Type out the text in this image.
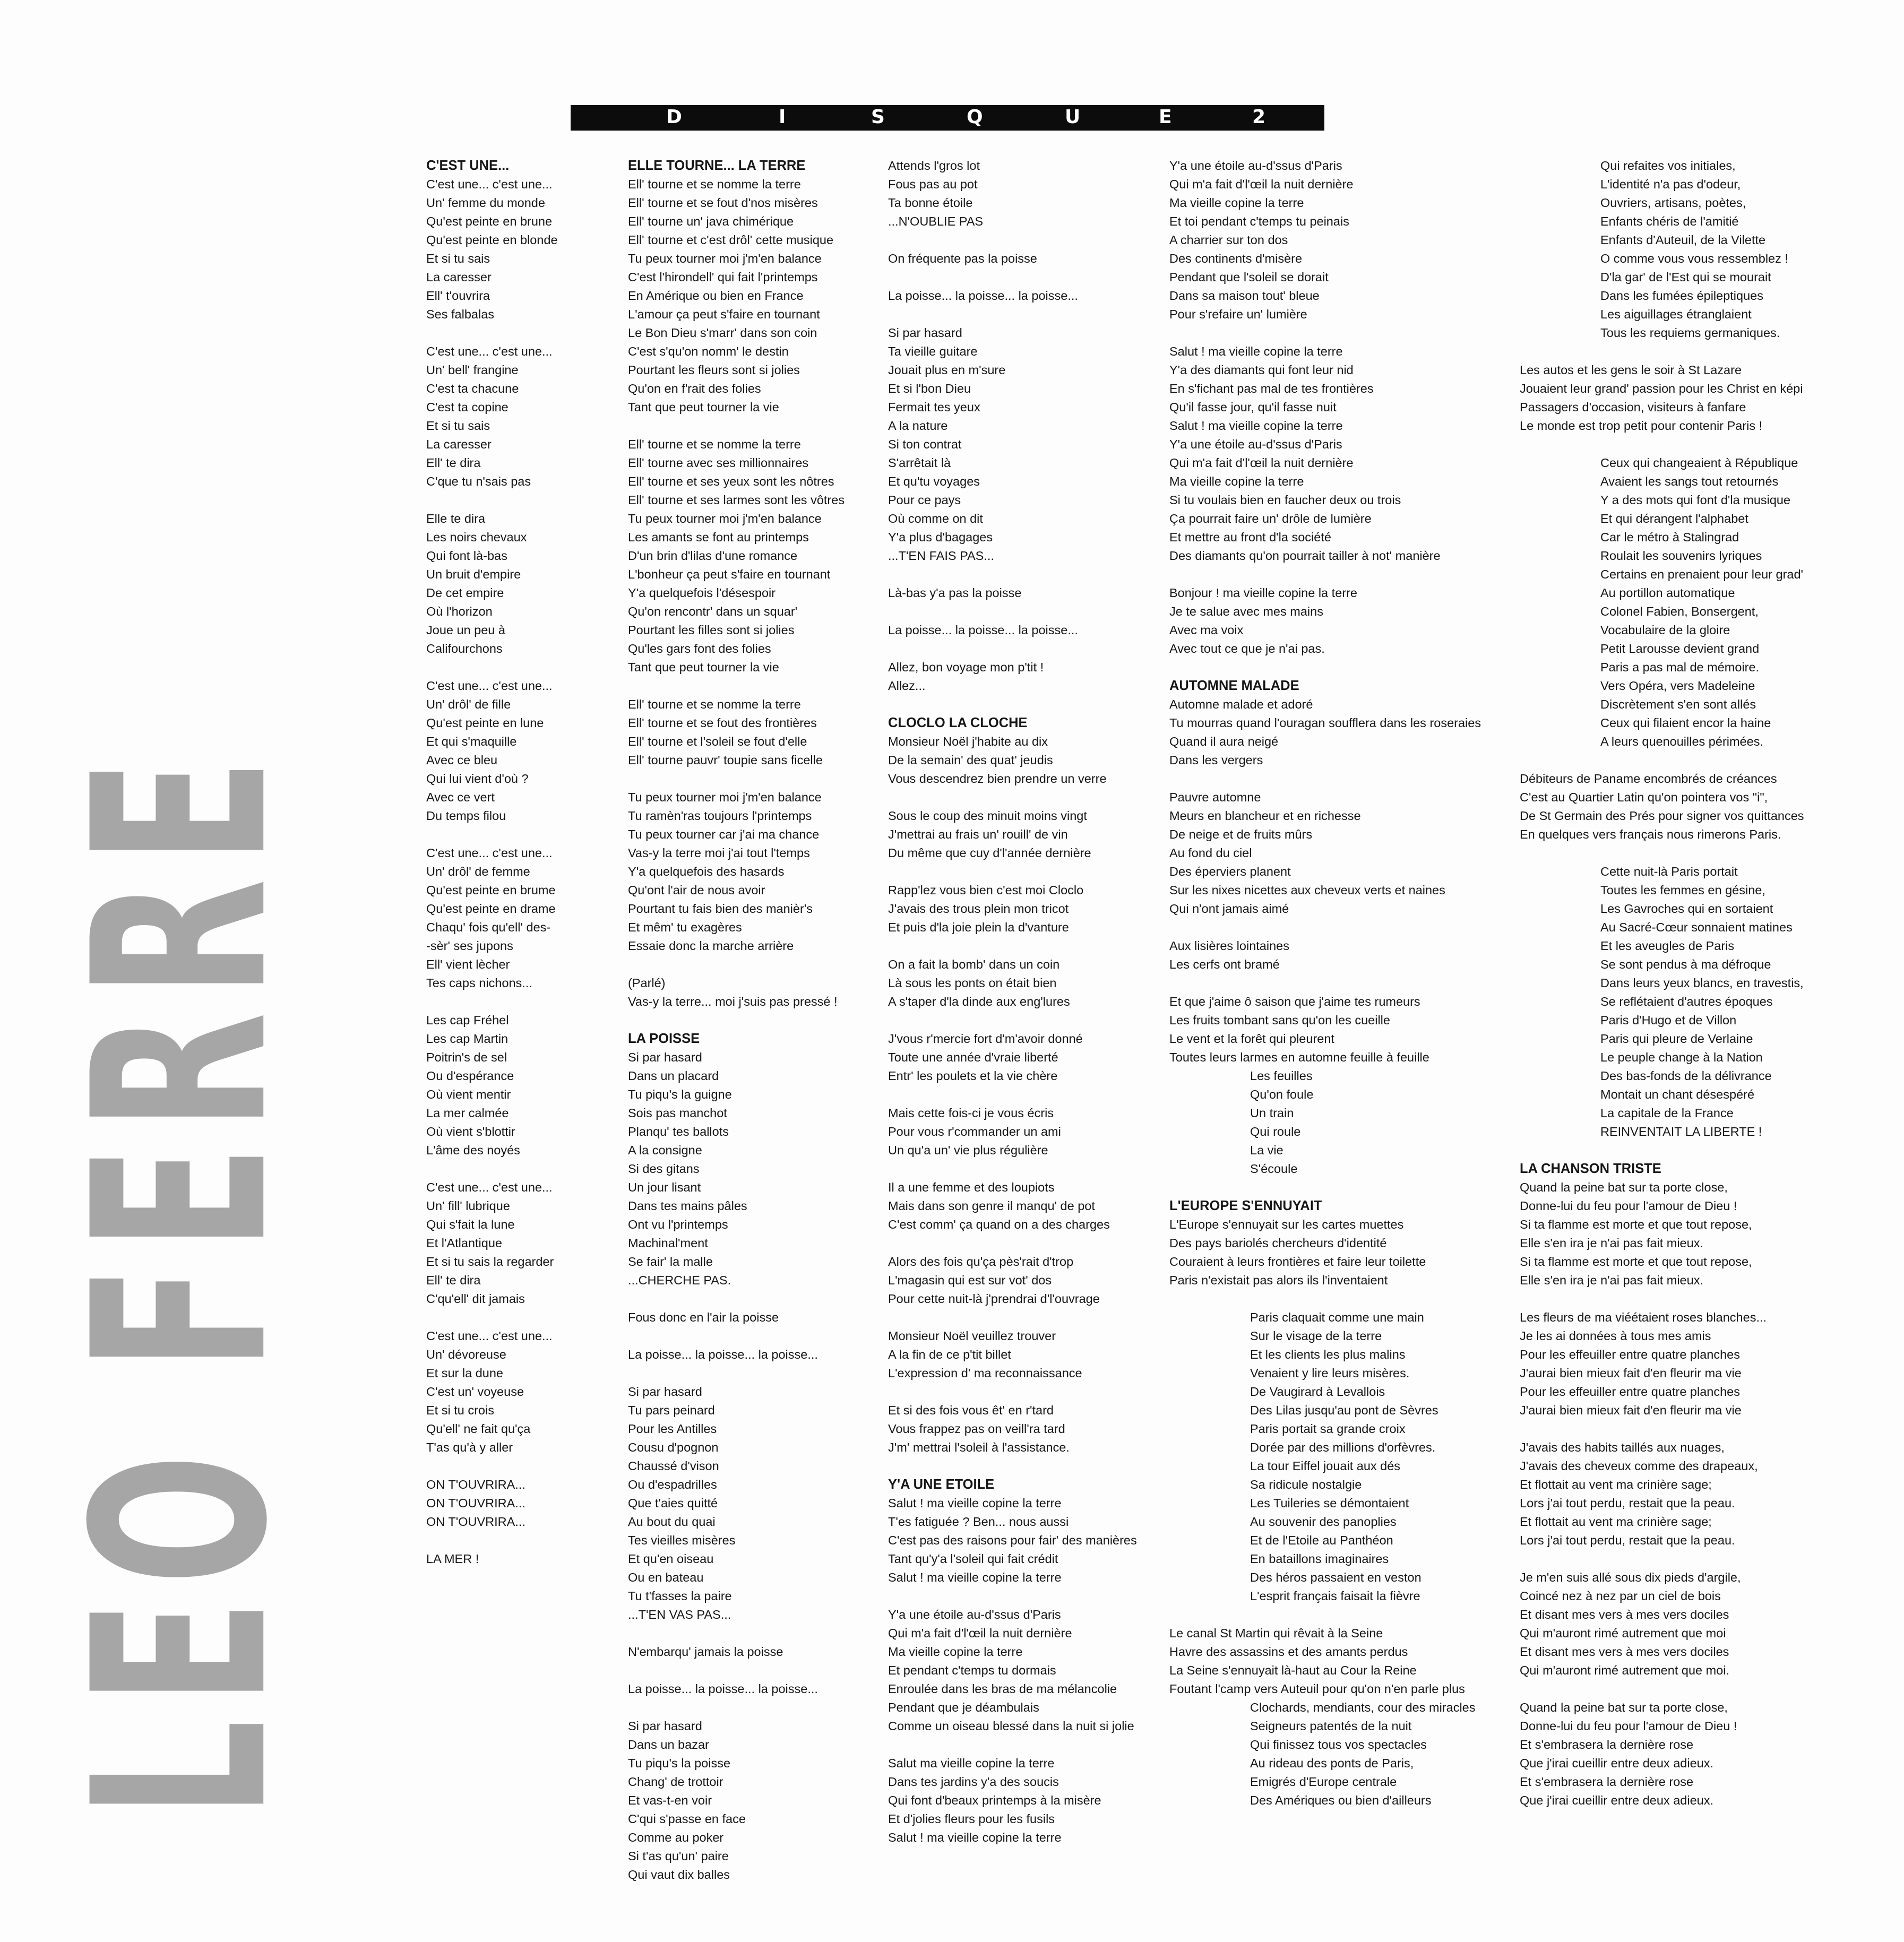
LEO FERRE
D	I	S	Q	U	E	2
C'EST UNE...
C'est une... c'est une...
Un' femme du monde
Qu'est peinte en brune
Qu'est peinte en blonde
Et si tu sais
La caresser
Ell' t'ouvrira
Ses falbalas
C'est une... c'est une...
Un' bell' frangine
C'est ta chacune
C'est ta copine
Et si tu sais
La caresser
Ell' te dira
C'que tu n'sais pas
Elle te dira
Les noirs chevaux
Qui font là-bas
Un bruit d'empire
De cet empire
Où l'horizon
Joue un peu à
Califourchons
C'est une... c'est une...
Un' drôl' de fille
Qu'est peinte en lune
Et qui s'maquille
Avec ce bleu
Qui lui vient d'où ?
Avec ce vert
Du temps filou
C'est une... c'est une...
Un' drôl' de femme
Qu'est peinte en brume
Qu'est peinte en drame
Chaqu' fois qu'ell' des-
-sèr' ses jupons
Ell' vient lècher
Tes caps nichons...
Les cap Fréhel
Les cap Martin
Poitrin's de sel
Ou d'espérance
Où vient mentir
La mer calmée
Où vient s'blottir
L'âme des noyés
C'est une... c'est une...
Un' fill' lubrique
Qui s'fait la lune
Et l'Atlantique
Et si tu sais la regarder
Ell' te dira
C'qu'ell' dit jamais
C'est une... c'est une...
Un' dévoreuse
Et sur la dune
C'est un' voyeuse
Et si tu crois
Qu'ell' ne fait qu'ça
T'as qu'à y aller
ON T'OUVRIRA...
ON T'OUVRIRA...
ON T'OUVRIRA...
LA MER !
ELLE TOURNE... LA TERRE
Ell' tourne et se nomme la terre
Ell' tourne et se fout d'nos misères
Ell' tourne un' java chimérique
Ell' tourne et c'est drôl' cette musique
Tu peux tourner moi j'm'en balance
C'est l'hirondell' qui fait l'printemps
En Amérique ou bien en France
L'amour ça peut s'faire en tournant
Le Bon Dieu s'marr' dans son coin
C'est s'qu'on nomm' le destin
Pourtant les fleurs sont si jolies
Qu'on en f'rait des folies
Tant que peut tourner la vie
Ell' tourne et se nomme la terre
Ell' tourne avec ses millionnaires
Ell' tourne et ses yeux sont les nôtres
Ell' tourne et ses larmes sont les vôtres
Tu peux tourner moi j'm'en balance
Les amants se font au printemps
D'un brin d'lilas d'une romance
L'bonheur ça peut s'faire en tournant
Y'a quelquefois l'désespoir
Qu'on rencontr' dans un squar'
Pourtant les filles sont si jolies
Qu'les gars font des folies
Tant que peut tourner la vie
Ell' tourne et se nomme la terre
Ell' tourne et se fout des frontières
Ell' tourne et l'soleil se fout d'elle
Ell' tourne pauvr' toupie sans ficelle
Tu peux tourner moi j'm'en balance
Tu ramèn'ras toujours l'printemps
Tu peux tourner car j'ai ma chance
Vas-y la terre moi j'ai tout l'temps
Y'a quelquefois des hasards
Qu'ont l'air de nous avoir
Pourtant tu fais bien des manièr's
Et mêm' tu exagères
Essaie donc la marche arrière
(Parlé)
Vas-y la terre... moi j'suis pas pressé !
LA POISSE
Si par hasard
Dans un placard
Tu piqu's la guigne
Sois pas manchot
Planqu' tes ballots
A la consigne
Si des gitans
Un jour lisant
Dans tes mains pâles
Ont vu l'printemps
Machinal'ment
Se fair' la malle
...CHERCHE PAS.
Fous donc en l'air la poisse
La poisse... la poisse... la poisse...
Si par hasard
Tu pars peinard
Pour les Antilles
Cousu d'pognon
Chaussé d'vison
Ou d'espadrilles
Que t'aies quitté
Au bout du quai
Tes vieilles misères
Et qu'en oiseau
Ou en bateau
Tu t'fasses la paire
...T'EN VAS PAS...
N'embarqu' jamais la poisse
La poisse... la poisse... la poisse...
Si par hasard
Dans un bazar
Tu piqu's la poisse
Chang' de trottoir
Et vas-t-en voir
C'qui s'passe en face
Comme au poker
Si t'as qu'un' paire
Qui vaut dix balles
Attends l'gros lot
Fous pas au pot
Ta bonne étoile
...N'OUBLIE PAS
On fréquente pas la poisse
La poisse... la poisse... la poisse...
Si par hasard
Ta vieille guitare
Jouait plus en m'sure
Et si l'bon Dieu
Fermait tes yeux
A la nature
Si ton contrat
S'arrêtait là
Et qu'tu voyages
Pour ce pays
Où comme on dit
Y'a plus d'bagages
...T'EN FAIS PAS...
Là-bas y'a pas la poisse
La poisse... la poisse... la poisse...
Allez, bon voyage mon p'tit !
Allez...
CLOCLO LA CLOCHE
Monsieur Noël j'habite au dix
De la semain' des quat' jeudis
Vous descendrez bien prendre un verre
Sous le coup des minuit moins vingt
J'mettrai au frais un' rouill' de vin
Du même que cuy d'l'année dernière
Rapp'lez vous bien c'est moi Cloclo
J'avais des trous plein mon tricot
Et puis d'la joie plein la d'vanture
On a fait la bomb' dans un coin
Là sous les ponts on était bien
A s'taper d'la dinde aux eng'lures
J'vous r'mercie fort d'm'avoir donné
Toute une année d'vraie liberté
Entr' les poulets et la vie chère
Mais cette fois-ci je vous écris
Pour vous r'commander un ami
Un qu'a un' vie plus régulière
Il a une femme et des loupiots
Mais dans son genre il manqu' de pot
C'est comm' ça quand on a des charges
Alors des fois qu'ça pès'rait d'trop
L'magasin qui est sur vot' dos
Pour cette nuit-là j'prendrai d'l'ouvrage
Monsieur Noël veuillez trouver
A la fin de ce p'tit billet
L'expression d' ma reconnaissance
Et si des fois vous êt' en r'tard
Vous frappez pas on veill'ra tard
J'm' mettrai l'soleil à l'assistance.
Y'A UNE ETOILE
Salut ! ma vieille copine la terre
T'es fatiguée ? Ben... nous aussi
C'est pas des raisons pour fair' des manières
Tant qu'y'a l'soleil qui fait crédit
Salut ! ma vieille copine la terre
Y'a une étoile au-d'ssus d'Paris
Qui m'a fait d'l'œil la nuit dernière
Ma vieille copine la terre
Et pendant c'temps tu dormais
Enroulée dans les bras de ma mélancolie
Pendant que je déambulais
Comme un oiseau blessé dans la nuit si jolie
Salut ma vieille copine la terre
Dans tes jardins y'a des soucis
Qui font d'beaux printemps à la misère
Et d'jolies fleurs pour les fusils
Salut ! ma vieille copine la terre
Y'a une étoile au-d'ssus d'Paris
Qui m'a fait d'l'œil la nuit dernière
Ma vieille copine la terre
Et toi pendant c'temps tu peinais
A charrier sur ton dos
Des continents d'misère
Pendant que l'soleil se dorait
Dans sa maison tout' bleue
Pour s'refaire un' lumière
Salut ! ma vieille copine la terre
Y'a des diamants qui font leur nid
En s'fichant pas mal de tes frontières
Qu'il fasse jour, qu'il fasse nuit
Salut ! ma vieille copine la terre
Y'a une étoile au-d'ssus d'Paris
Qui m'a fait d'l'œil la nuit dernière
Ma vieille copine la terre
Si tu voulais bien en faucher deux ou trois
Ça pourrait faire un' drôle de lumière
Et mettre au front d'la société
Des diamants qu'on pourrait tailler à not' manière
Bonjour ! ma vieille copine la terre
Je te salue avec mes mains
Avec ma voix
Avec tout ce que je n'ai pas.
AUTOMNE MALADE
Automne malade et adoré
Tu mourras quand l'ouragan soufflera dans les roseraies
Quand il aura neigé
Dans les vergers
Pauvre automne
Meurs en blancheur et en richesse
De neige et de fruits mûrs
Au fond du ciel
Des éperviers planent
Sur les nixes nicettes aux cheveux verts et naines
Qui n'ont jamais aimé
Aux lisières lointaines
Les cerfs ont bramé
Et que j'aime ô saison que j'aime tes rumeurs
Les fruits tombant sans qu'on les cueille
Le vent et la forêt qui pleurent
Toutes leurs larmes en automne feuille à feuille
Les feuilles
Qu'on foule
Un train
Qui roule
La vie
S'écoule
L'EUROPE S'ENNUYAIT
L'Europe s'ennuyait sur les cartes muettes
Des pays bariolés chercheurs d'identité
Couraient à leurs frontières et faire leur toilette
Paris n'existait pas alors ils l'inventaient
Paris claquait comme une main
Sur le visage de la terre
Et les clients les plus malins
Venaient y lire leurs misères.
De Vaugirard à Levallois
Des Lilas jusqu'au pont de Sèvres
Paris portait sa grande croix
Dorée par des millions d'orfèvres.
La tour Eiffel jouait aux dés
Sa ridicule nostalgie
Les Tuileries se démontaient
Au souvenir des panoplies
Et de l'Etoile au Panthéon
En bataillons imaginaires
Des héros passaient en veston
L'esprit français faisait la fièvre
Le canal St Martin qui rêvait à la Seine
Havre des assassins et des amants perdus
La Seine s'ennuyait là-haut au Cour la Reine
Foutant l'camp vers Auteuil pour qu'on n'en parle plus
Clochards, mendiants, cour des miracles
Seigneurs patentés de la nuit
Qui finissez tous vos spectacles
Au rideau des ponts de Paris,
Emigrés d'Europe centrale
Des Amériques ou bien d'ailleurs
Qui refaites vos initiales,
L'identité n'a pas d'odeur,
Ouvriers, artisans, poètes,
Enfants chéris de l'amitié
Enfants d'Auteuil, de la Vilette
O comme vous vous ressemblez !
D'la gar' de l'Est qui se mourait
Dans les fumées épileptiques
Les aiguillages étranglaient
Tous les requiems germaniques.
Les autos et les gens le soir à St Lazare
Jouaient leur grand' passion pour les Christ en képi
Passagers d'occasion, visiteurs à fanfare
Le monde est trop petit pour contenir Paris !
Ceux qui changeaient à République
Avaient les sangs tout retournés
Y a des mots qui font d'la musique
Et qui dérangent l'alphabet
Car le métro à Stalingrad
Roulait les souvenirs lyriques
Certains en prenaient pour leur grad'
Au portillon automatique
Colonel Fabien, Bonsergent,
Vocabulaire de la gloire
Petit Larousse devient grand
Paris a pas mal de mémoire.
Vers Opéra, vers Madeleine
Discrètement s'en sont allés
Ceux qui filaient encor la haine
A leurs quenouilles périmées.
Débiteurs de Paname encombrés de créances
C'est au Quartier Latin qu'on pointera vos "i",
De St Germain des Prés pour signer vos quittances
En quelques vers français nous rimerons Paris.
Cette nuit-là Paris portait
Toutes les femmes en gésine,
Les Gavroches qui en sortaient
Au Sacré-Cœur sonnaient matines
Et les aveugles de Paris
Se sont pendus à ma défroque
Dans leurs yeux blancs, en travestis,
Se reflétaient d'autres époques
Paris d'Hugo et de Villon
Paris qui pleure de Verlaine
Le peuple change à la Nation
Des bas-fonds de la délivrance
Montait un chant désespéré
La capitale de la France
REINVENTAIT LA LIBERTE !
LA CHANSON TRISTE
Quand la peine bat sur ta porte close,
Donne-lui du feu pour l'amour de Dieu !
Si ta flamme est morte et que tout repose,
Elle s'en ira je n'ai pas fait mieux.
Si ta flamme est morte et que tout repose,
Elle s'en ira je n'ai pas fait mieux.
Les fleurs de ma viéétaient roses blanches...
Je les ai données à tous mes amis
Pour les effeuiller entre quatre planches
J'aurai bien mieux fait d'en fleurir ma vie
Pour les effeuiller entre quatre planches
J'aurai bien mieux fait d'en fleurir ma vie
J'avais des habits taillés aux nuages,
J'avais des cheveux comme des drapeaux,
Et flottait au vent ma crinière sage;
Lors j'ai tout perdu, restait que la peau.
Et flottait au vent ma crinière sage;
Lors j'ai tout perdu, restait que la peau.
Je m'en suis allé sous dix pieds d'argile,
Coincé nez à nez par un ciel de bois
Et disant mes vers à mes vers dociles
Qui m'auront rimé autrement que moi
Et disant mes vers à mes vers dociles
Qui m'auront rimé autrement que moi.
Quand la peine bat sur ta porte close,
Donne-lui du feu pour l'amour de Dieu !
Et s'embrasera la dernière rose
Que j'irai cueillir entre deux adieux.
Et s'embrasera la dernière rose
Que j'irai cueillir entre deux adieux.
